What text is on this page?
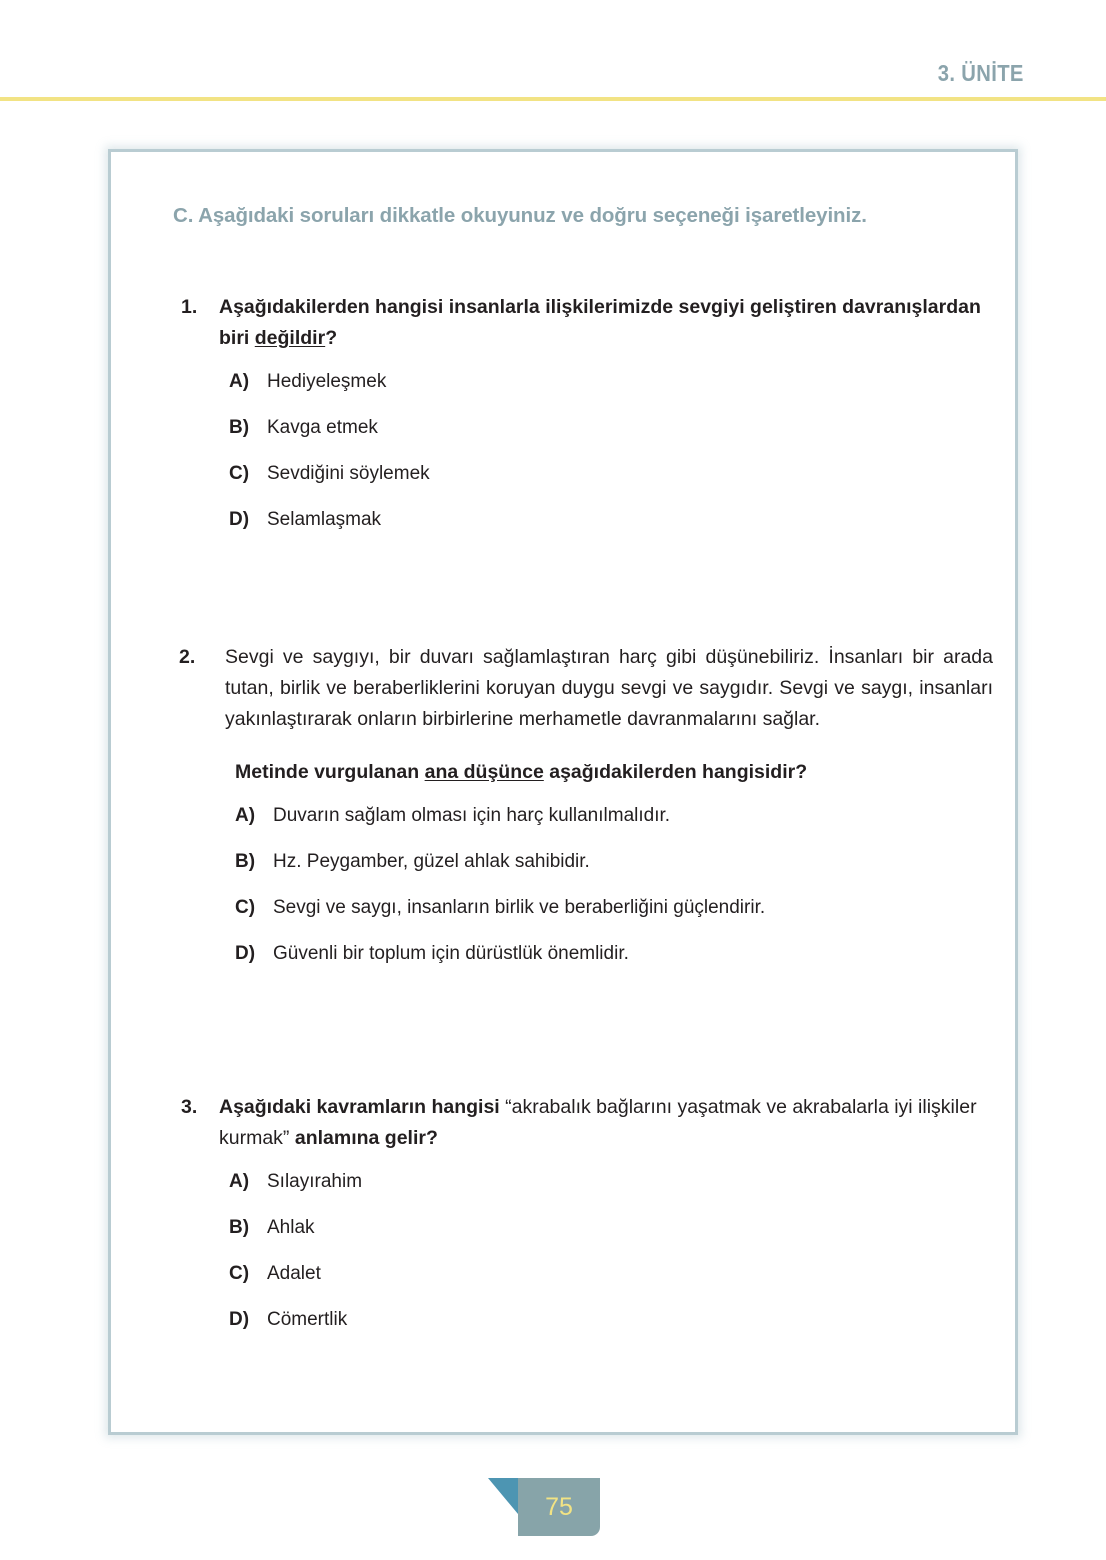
3. ÜNİTE
C. Aşağıdaki soruları dikkatle okuyunuz ve doğru seçeneği işaretleyiniz.
1.	Aşağıdakilerden hangisi insanlarla ilişkilerimizde sevgiyi geliştiren davranışlardan biri değildir?
A) Hediyeleşmek
B) Kavga etmek
C) Sevdiğini söylemek
D) Selamlaşmak
2.	Sevgi ve saygıyı, bir duvarı sağlamlaştıran harç gibi düşünebiliriz. İnsanları bir arada tutan, birlik ve beraberliklerini koruyan duygu sevgi ve saygıdır. Sevgi ve saygı, insanları yakınlaştırarak onların birbirlerine merhametle davranmalarını sağlar.
Metinde vurgulanan ana düşünce aşağıdakilerden hangisidir?
A) Duvarın sağlam olması için harç kullanılmalıdır.
B) Hz. Peygamber, güzel ahlak sahibidir.
C) Sevgi ve saygı, insanların birlik ve beraberliğini güçlendirir.
D) Güvenli bir toplum için dürüstlük önemlidir.
3.	Aşağıdaki kavramların hangisi “akrabalık bağlarını yaşatmak ve akrabalarla iyi ilişkiler kurmak” anlamına gelir?
A) Sılayırahim
B) Ahlak
C) Adalet
D) Cömertlik
75
